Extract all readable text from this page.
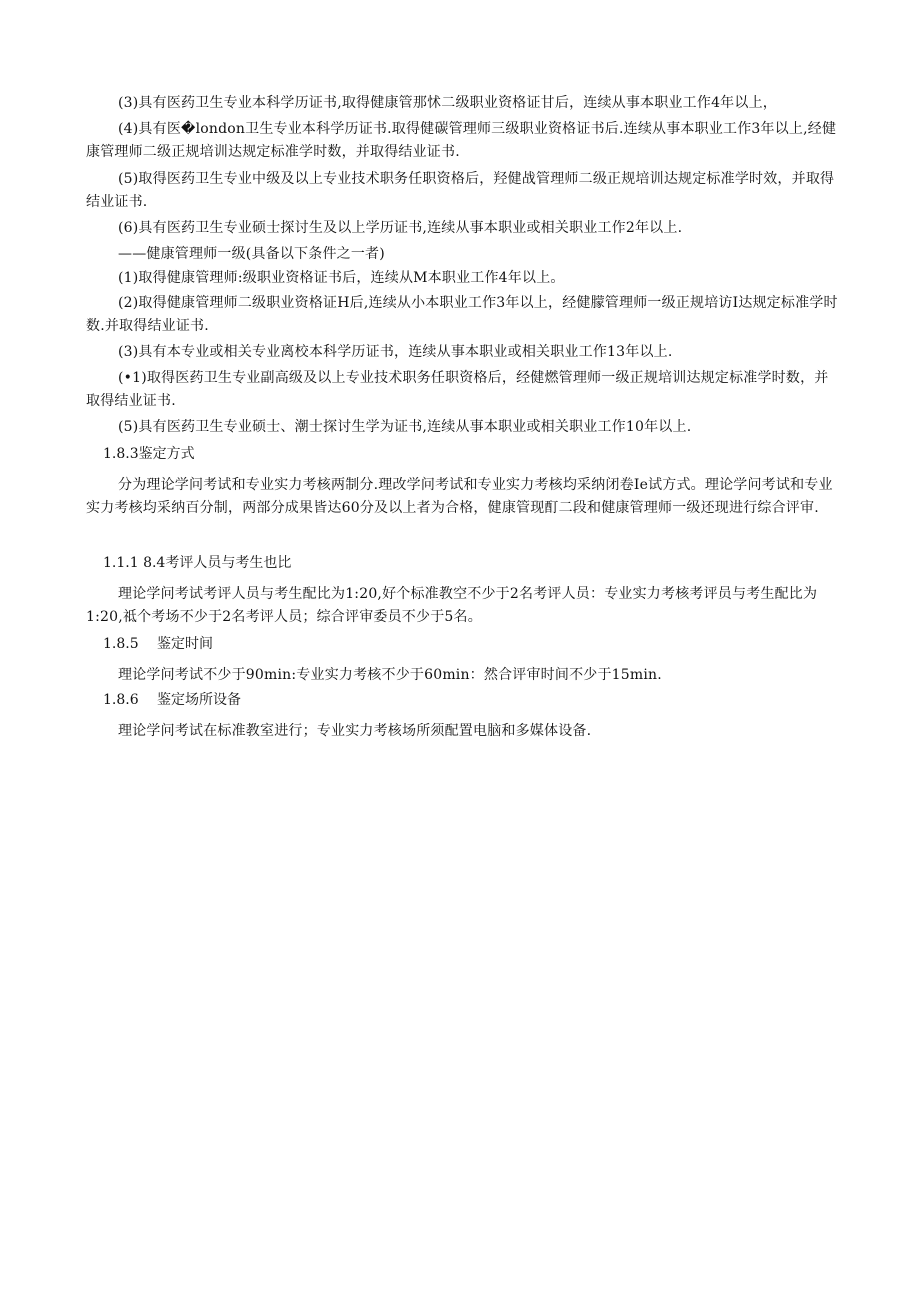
(3)具有医药卫生专业本科学历证书,取得健康管那怵二级职业资格证甘后，连续从事本职业工作4年以上，
(4)具有医�london卫生专业本科学历证书.取得健碳管理师三级职业资格证书后.连续从事本职业工作3年以上,经健康管理师二级正规培训达规定标准学时数，并取得结业证书.
(5)取得医药卫生专业中级及以上专业技术职务任职资格后，羟健战管理师二级正规培训达规定标准学时效，并取得结业证书.
(6)具有医药卫生专业硕士探讨生及以上学历证书,连续从事本职业或相关职业工作2年以上.
——健康管理师一级(具备以下条件之一者)
(1)取得健康管理师:级职业资格证书后，连续从M本职业工作4年以上。
(2)取得健康管理师二级职业资格证H后,连续从小本职业工作3年以上，经健朦管理师一级正规培访I达规定标准学时数.并取得结业证书.
(3)具有本专业或相关专业离校本科学历证书，连续从事本职业或相关职业工作13年以上.
(•1)取得医药卫生专业副高级及以上专业技术职务任职资格后，经健燃管理师一级正规培训达规定标准学时数，并取得结业证书.
(5)具有医药卫生专业硕士、潮士探讨生学为证书,连续从事本职业或相关职业工作10年以上.
1.8.3鉴定方式
分为理论学问考试和专业实力考核两制分.理改学问考试和专业实力考核均采纳闭卷Ie试方式。理论学问考试和专业实力考核均采纳百分制，两部分成果皆达60分及以上者为合格，健康管现酊二段和健康管理师一级还现进行综合评审.
1.1.1 8.4考评人员与考生也比
理论学问考试考评人员与考生配比为1:20,好个标准教空不少于2名考评人员：专业实力考核考评员与考生配比为1:20,祗个考场不少于2名考评人员；综合评审委员不少于5名。
1.8.5 鉴定时间
理论学问考试不少于90min:专业实力考核不少于60min：然合评审时间不少于15min.
1.8.6 鉴定场所设备
理论学问考试在标准教室进行；专业实力考核场所须配置电脑和多媒体设备.
